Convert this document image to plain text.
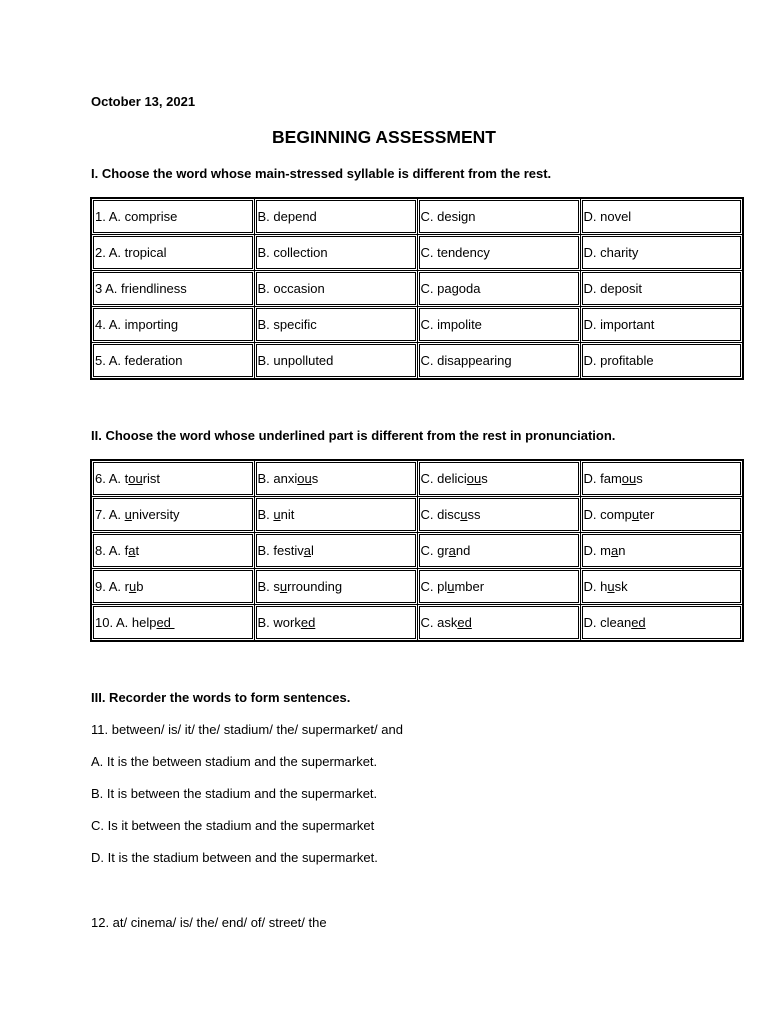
October 13, 2021
BEGINNING ASSESSMENT
I. Choose the word whose main-stressed syllable is different from the rest.
1. A. comprise	B. depend	C. design	D. novel
2. A. tropical	B. collection	C. tendency	D. charity
3 A. friendliness	B. occasion	C. pagoda	D. deposit
4. A. importing	B. specific	C. impolite	D. important
5. A. federation	B. unpolluted	C. disappearing	D. profitable
II. Choose the word whose underlined part is different from the rest in pronunciation.
6. A. tourist	B. anxious	C. delicious	D. famous
7. A. university	B. unit	C. discuss	D. computer
8. A. fat	B. festival	C. grand	D. man
9. A. rub	B. surrounding	C. plumber	D. husk
10. A. helped	B. worked	C. asked	D. cleaned
III. Recorder the words to form sentences.
11. between/ is/ it/ the/ stadium/ the/ supermarket/ and
A. It is the between stadium and the supermarket.
B. It is between the stadium and the supermarket.
C. Is it between the stadium and the supermarket
D. It is the stadium between and the supermarket.
12. at/ cinema/ is/ the/ end/ of/ street/ the
